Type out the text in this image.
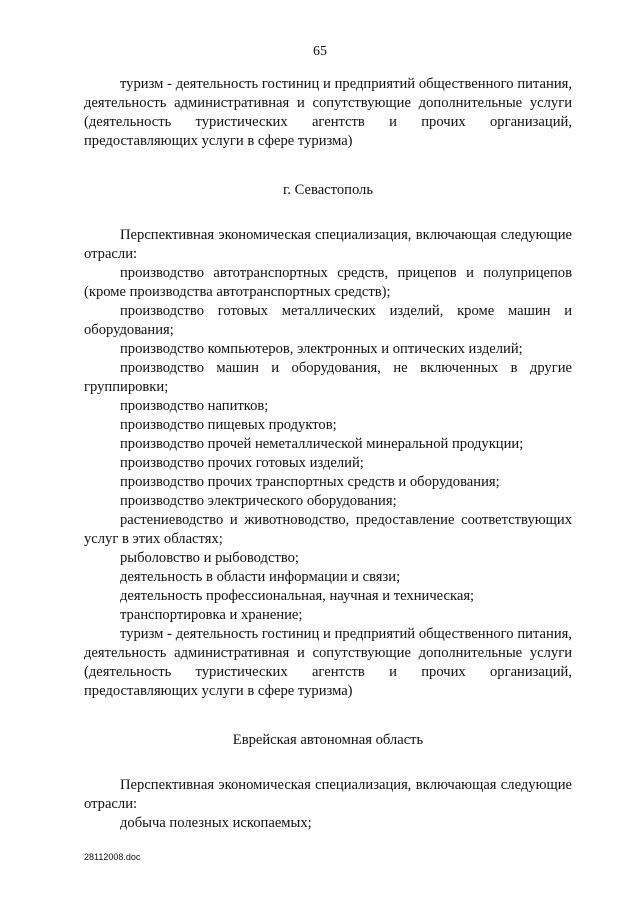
65

туризм - деятельность гостиниц и предприятий общественного питания, деятельность административная и сопутствующие дополнительные услуги (деятельность туристических агентств и прочих организаций, предоставляющих услуги в сфере туризма)

г. Севастополь

Перспективная экономическая специализация, включающая следующие отрасли:

производство автотранспортных средств, прицепов и полуприцепов (кроме производства автотранспортных средств);

производство готовых металлических изделий, кроме машин и оборудования;

производство компьютеров, электронных и оптических изделий;

производство машин и оборудования, не включенных в другие группировки;

производство напитков;

производство пищевых продуктов;

производство прочей неметаллической минеральной продукции;

производство прочих готовых изделий;

производство прочих транспортных средств и оборудования;

производство электрического оборудования;

растениеводство и животноводство, предоставление соответствующих услуг в этих областях;

рыболовство и рыбоводство;

деятельность в области информации и связи;

деятельность профессиональная, научная и техническая;

транспортировка и хранение;

туризм - деятельность гостиниц и предприятий общественного питания, деятельность административная и сопутствующие дополнительные услуги (деятельность туристических агентств и прочих организаций, предоставляющих услуги в сфере туризма)

Еврейская автономная область

Перспективная экономическая специализация, включающая следующие отрасли:

добыча полезных ископаемых;

28112008.doc
